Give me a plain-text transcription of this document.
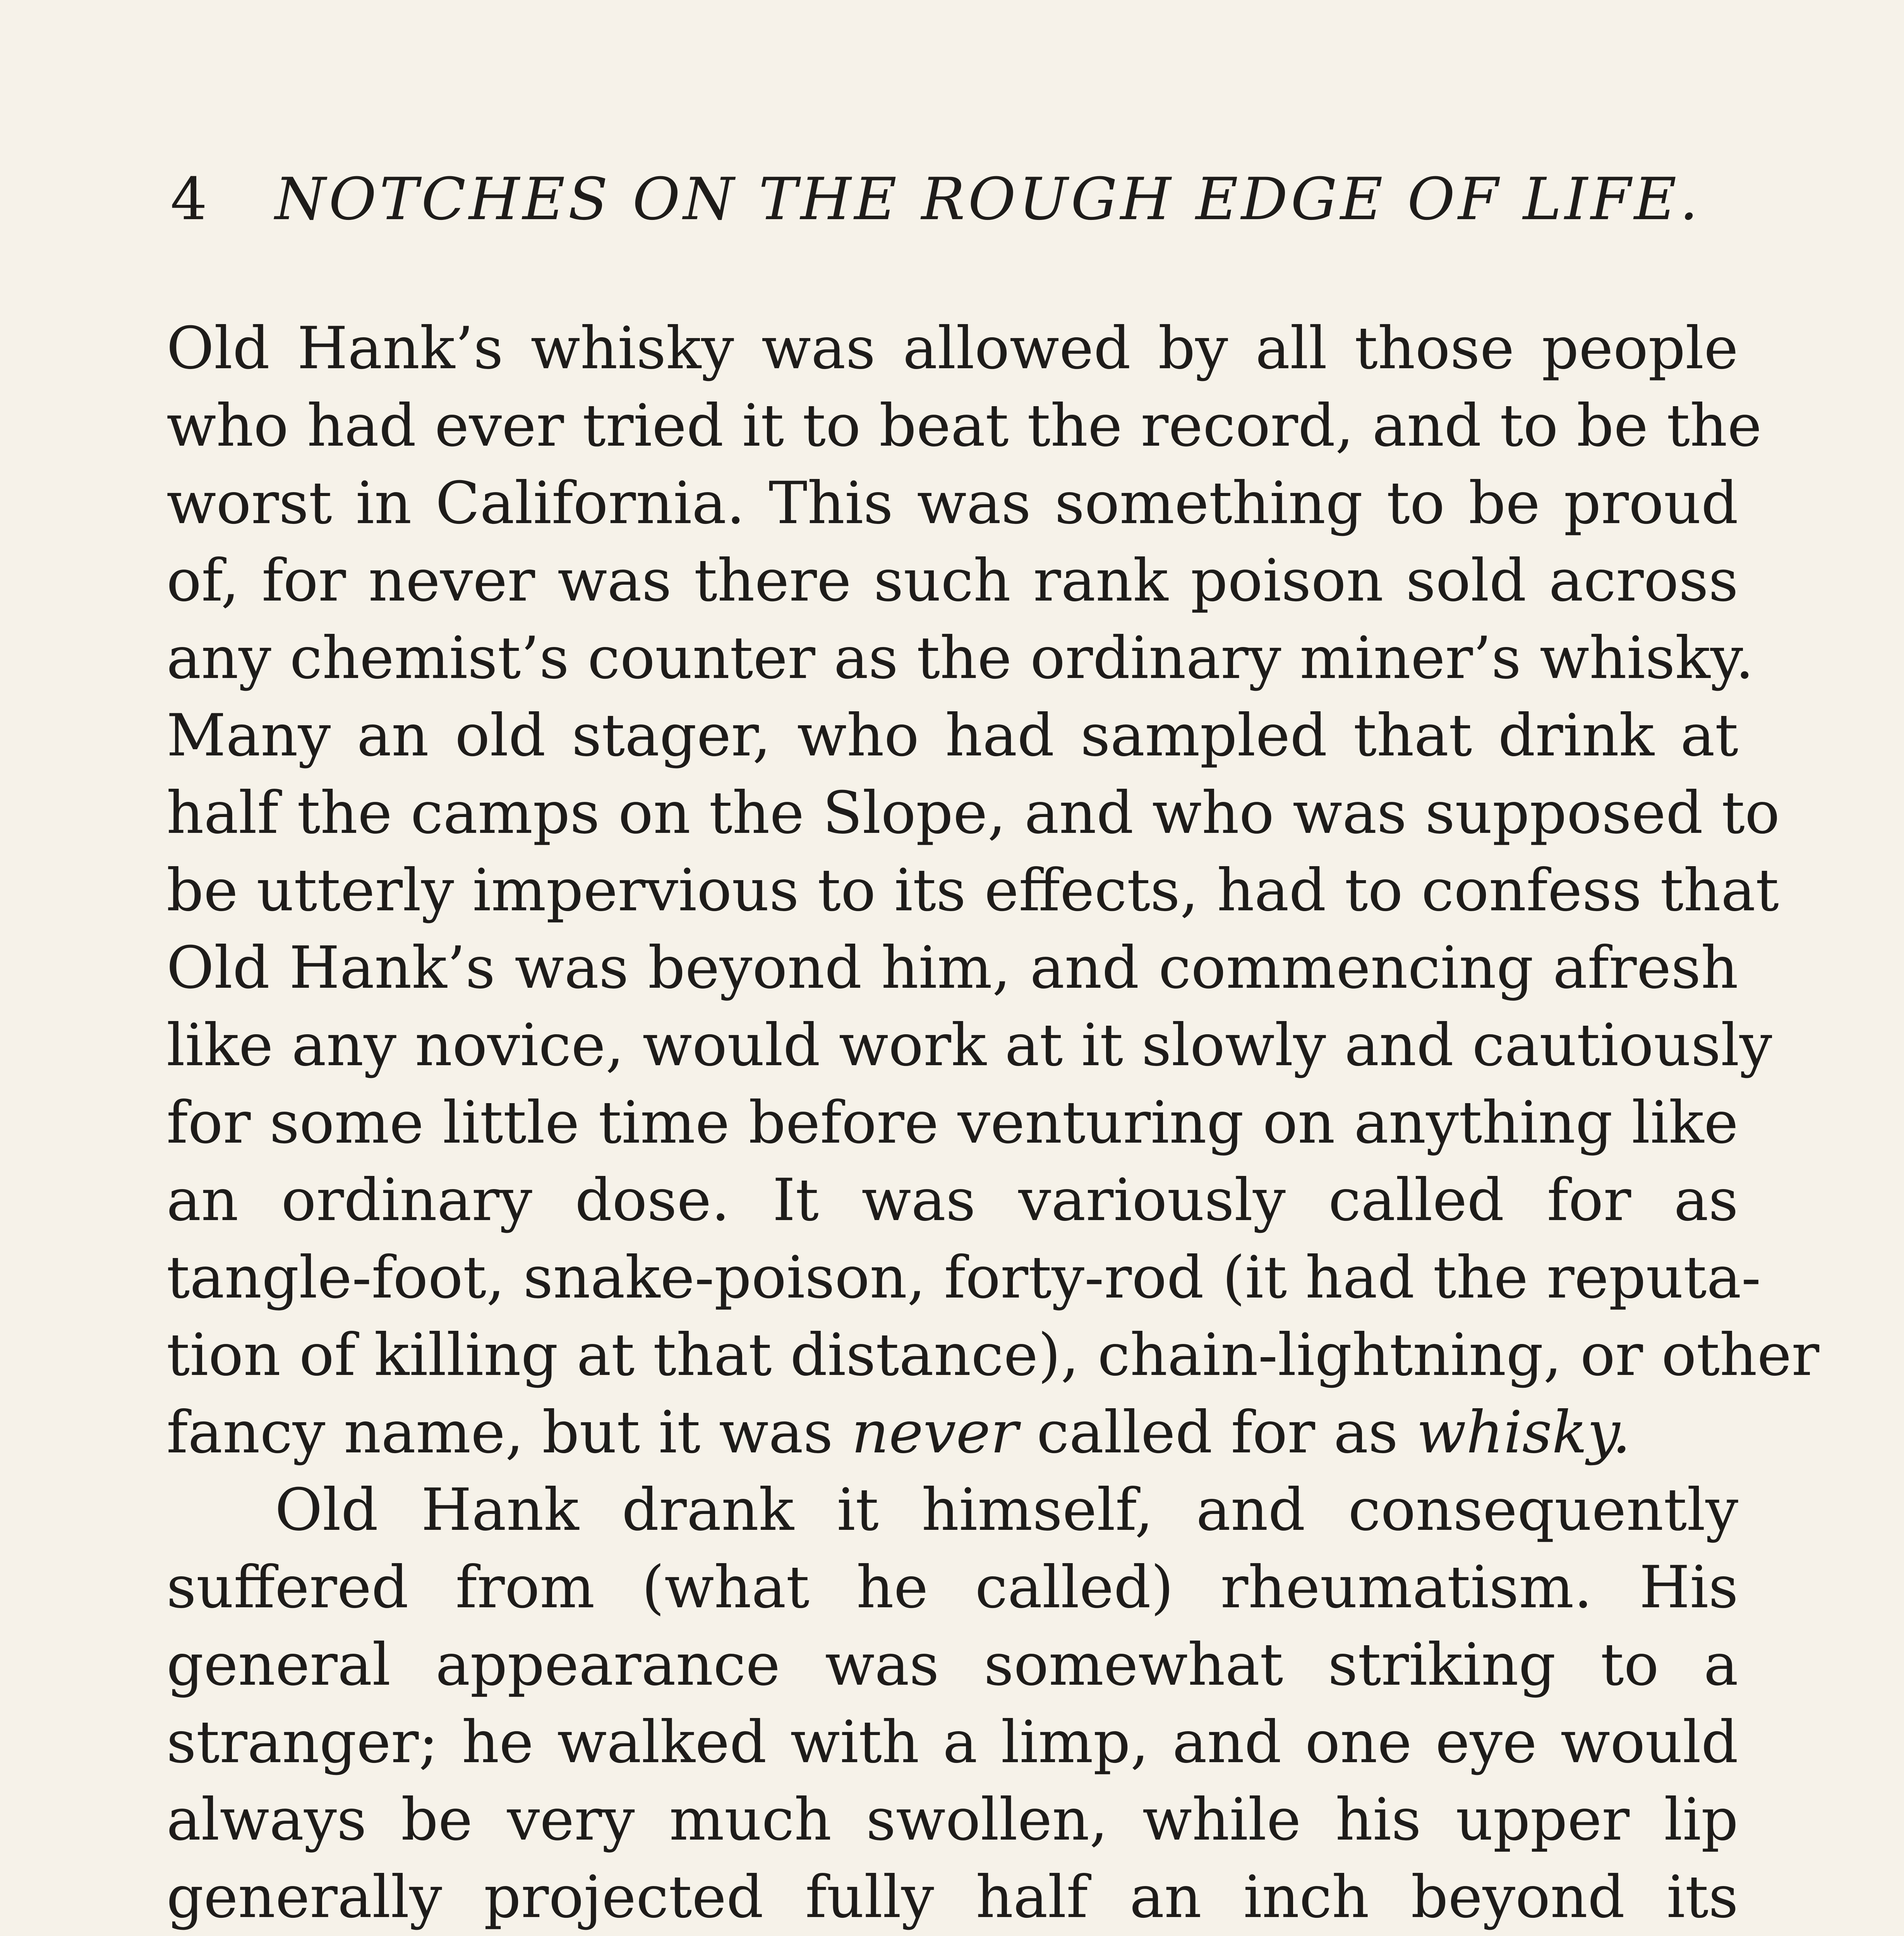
4 NOTCHES ON THE ROUGH EDGE OF LIFE.
Old Hank’s whisky was allowed by all those people
who had ever tried it to beat the record, and to be the
worst in California. This was something to be proud
of, for never was there such rank poison sold across
any chemist’s counter as the ordinary miner’s whisky.
Many an old stager, who had sampled that drink at
half the camps on the Slope, and who was supposed to
be utterly impervious to its effects, had to confess that
Old Hank’s was beyond him, and commencing afresh
like any novice, would work at it slowly and cautiously
for some little time before venturing on anything like
an ordinary dose. It was variously called for as
tangle-foot, snake-poison, forty-rod (it had the reputa-
tion of killing at that distance), chain-lightning, or other
fancy name, but it was never called for as whisky.
Old Hank drank it himself, and consequently
suffered from (what he called) rheumatism. His
general appearance was somewhat striking to a
stranger; he walked with a limp, and one eye would
always be very much swollen, while his upper lip
generally projected fully half an inch beyond its
